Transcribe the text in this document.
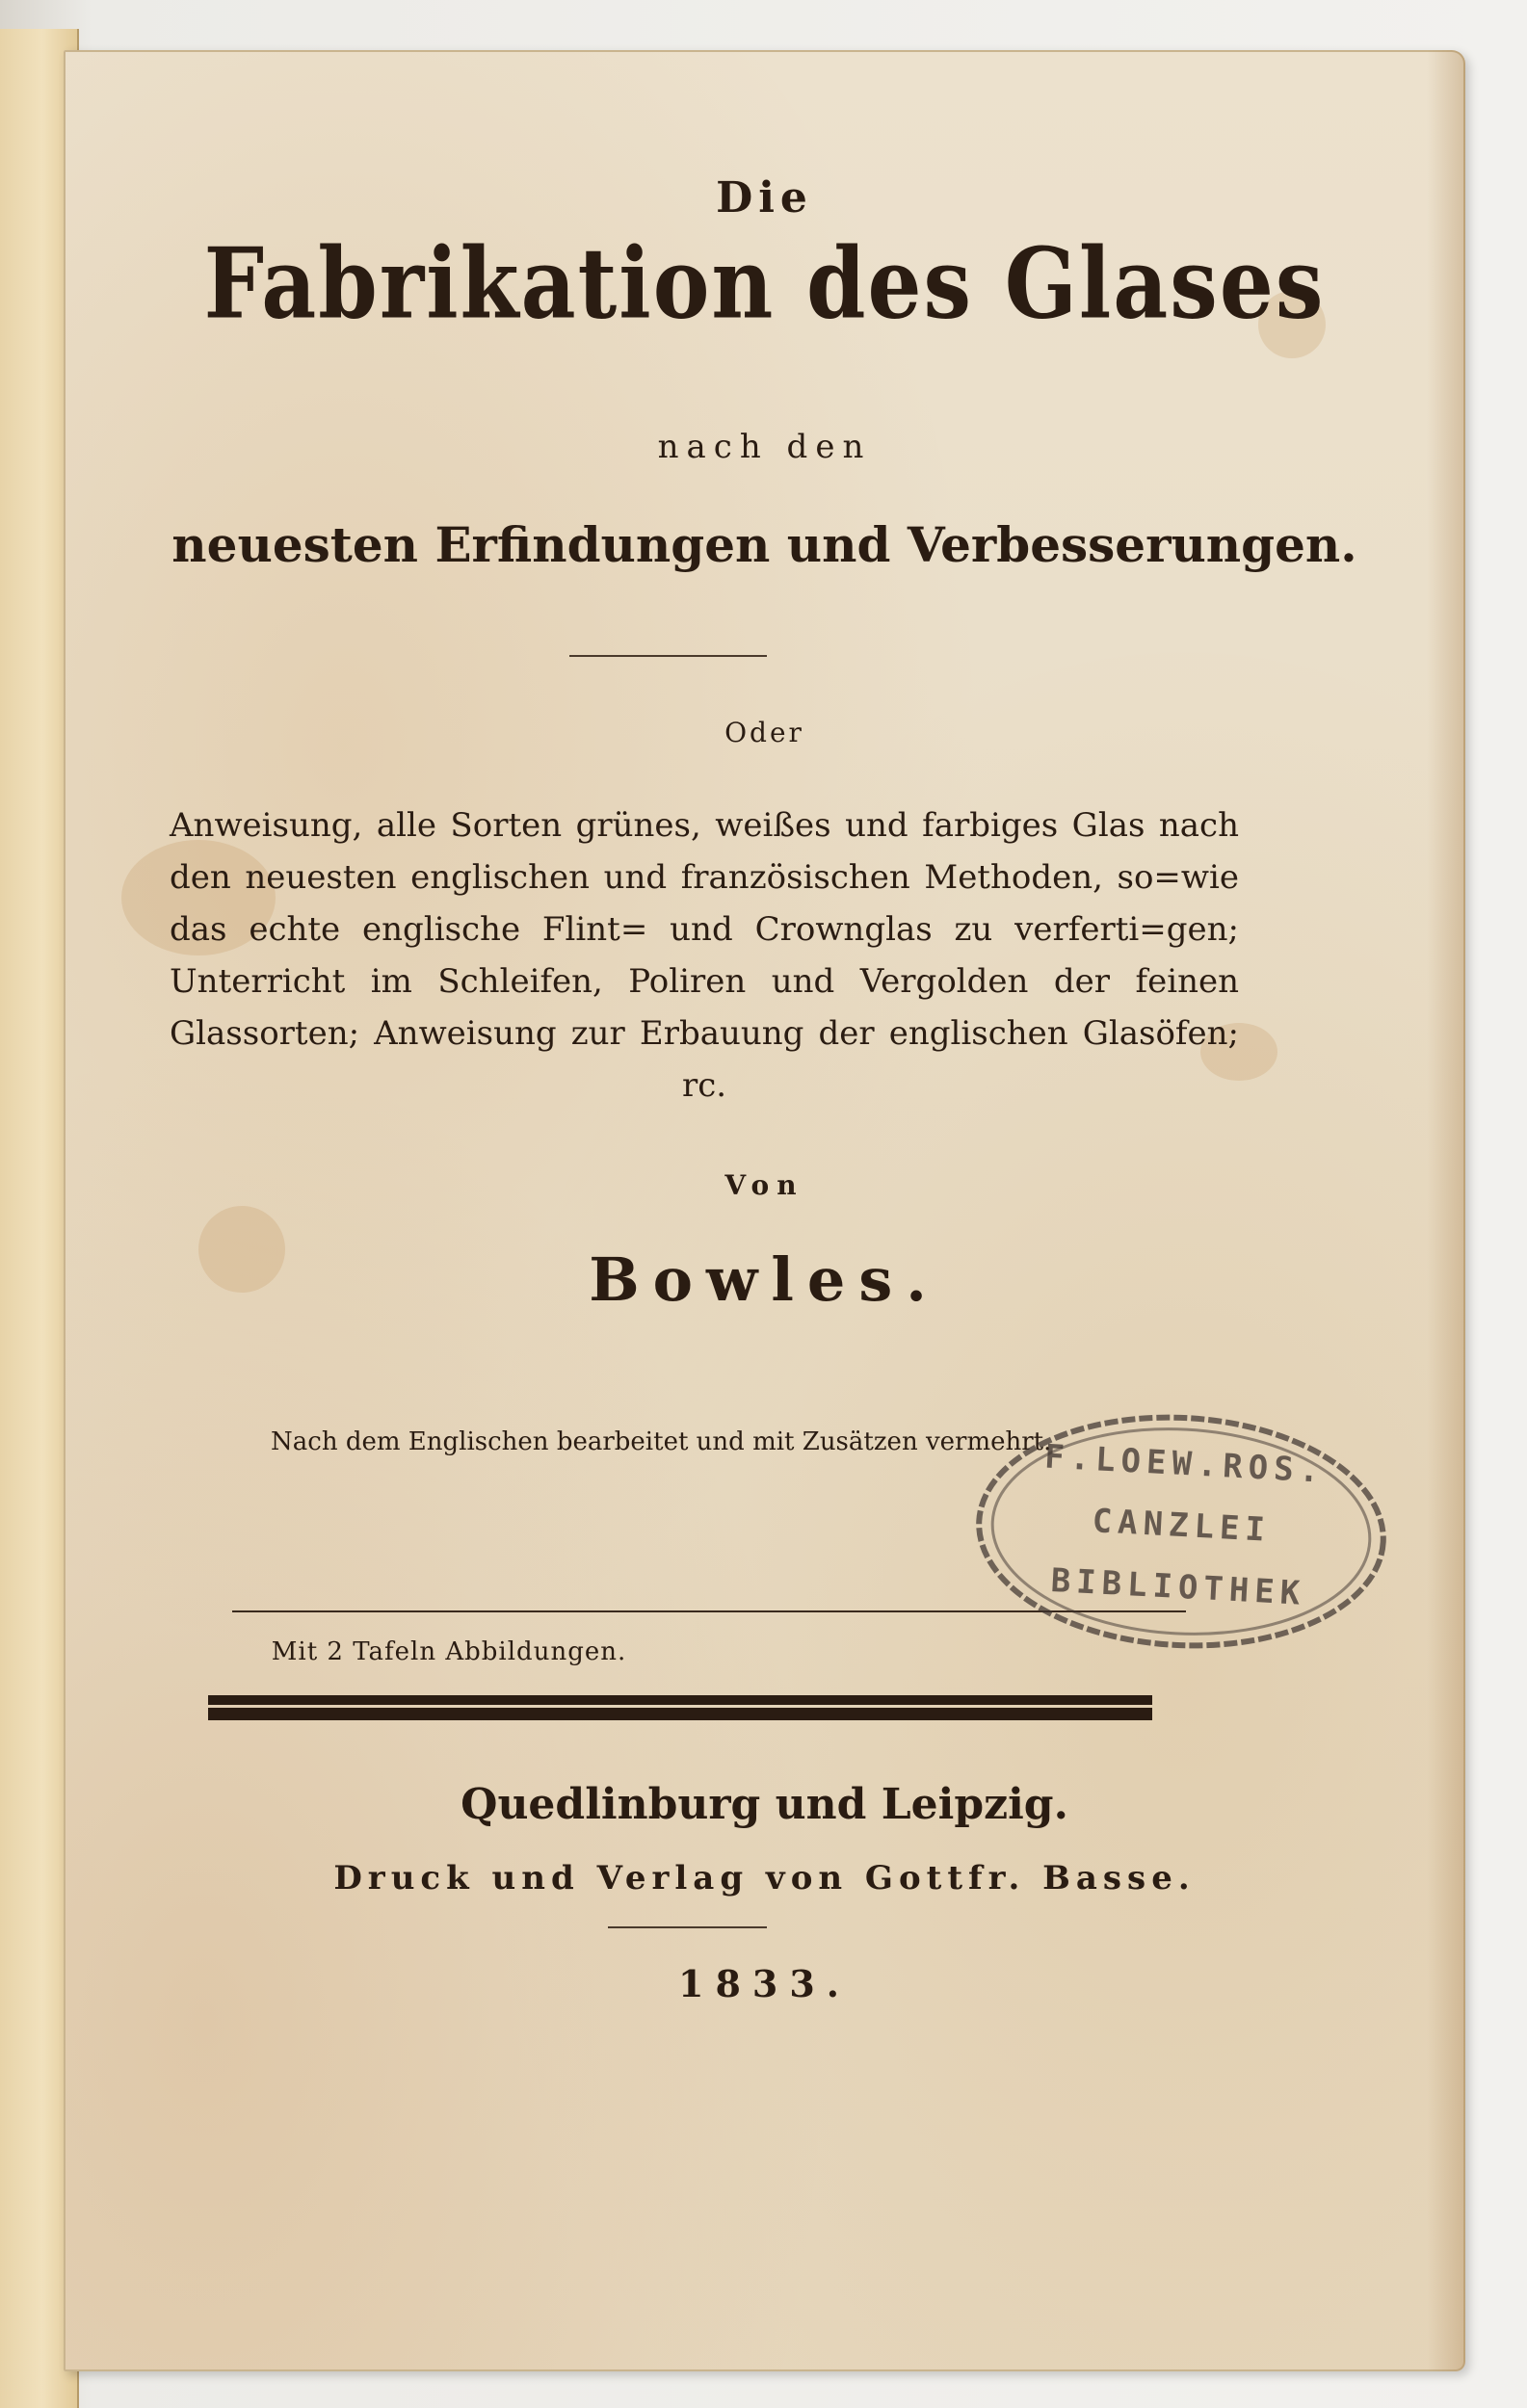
Die
Fabrikation des Glases
nach den
neuesten Erfindungen und Verbesserungen.
Oder
Anweisung, alle Sorten grünes, weißes und farbiges Glas nach den neuesten englischen und französischen Methoden, so=wie das echte englische Flint= und Crownglas zu verferti=gen; Unterricht im Schleifen, Poliren und Vergolden der feinen Glassorten; Anweisung zur Erbauung der englischen Glasöfen; rc.
Von
Bowles.
Nach dem Englischen bearbeitet und mit Zusätzen vermehrt.
Mit 2 Tafeln Abbildungen.
Quedlinburg und Leipzig.
Druck und Verlag von Gottfr. Basse.
1833.
F.LOEW.ROS.
CANZLEI
BIBLIOTHEK
